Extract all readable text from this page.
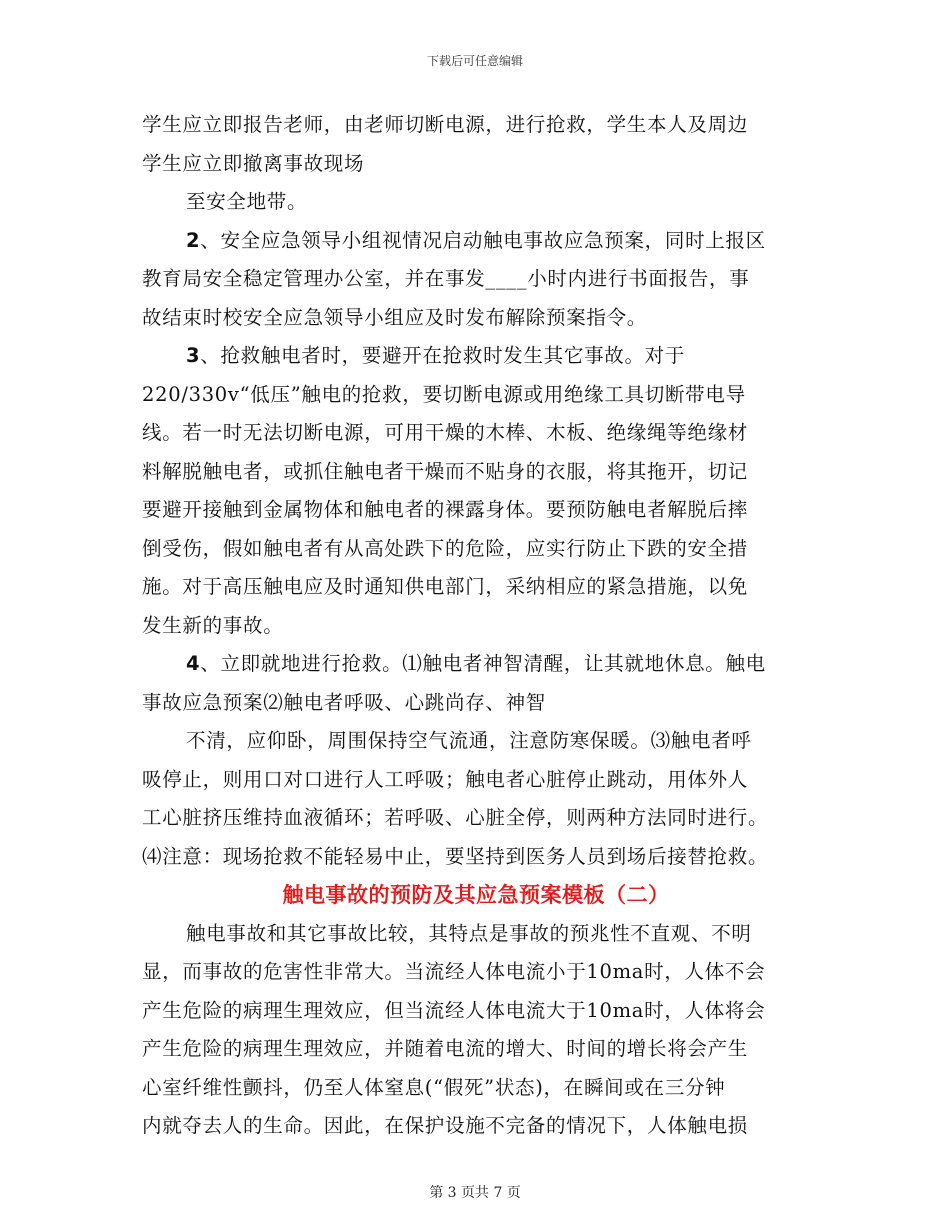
下载后可任意编辑
学生应立即报告老师，由老师切断电源，进行抢救，学生本人及周边
学生应立即撤离事故现场
至安全地带。
2、安全应急领导小组视情况启动触电事故应急预案，同时上报区
教育局安全稳定管理办公室，并在事发____小时内进行书面报告，事
故结束时校安全应急领导小组应及时发布解除预案指令。
3、抢救触电者时，要避开在抢救时发生其它事故。对于
220/330v“低压”触电的抢救，要切断电源或用绝缘工具切断带电导
线。若一时无法切断电源，可用干燥的木棒、木板、绝缘绳等绝缘材
料解脱触电者，或抓住触电者干燥而不贴身的衣服，将其拖开，切记
要避开接触到金属物体和触电者的裸露身体。要预防触电者解脱后摔
倒受伤，假如触电者有从高处跌下的危险，应实行防止下跌的安全措
施。对于高压触电应及时通知供电部门，采纳相应的紧急措施，以免
发生新的事故。
4、立即就地进行抢救。⑴触电者神智清醒，让其就地休息。触电
事故应急预案⑵触电者呼吸、心跳尚存、神智
不清，应仰卧，周围保持空气流通，注意防寒保暖。⑶触电者呼
吸停止，则用口对口进行人工呼吸；触电者心脏停止跳动，用体外人
工心脏挤压维持血液循环；若呼吸、心脏全停，则两种方法同时进行。
⑷注意：现场抢救不能轻易中止，要坚持到医务人员到场后接替抢救。
触电事故的预防及其应急预案模板（二）
触电事故和其它事故比较，其特点是事故的预兆性不直观、不明
显，而事故的危害性非常大。当流经人体电流小于10ma时，人体不会
产生危险的病理生理效应，但当流经人体电流大于10ma时，人体将会
产生危险的病理生理效应，并随着电流的增大、时间的增长将会产生
心室纤维性颤抖，仍至人体窒息(“假死”状态)，在瞬间或在三分钟
内就夺去人的生命。因此，在保护设施不完备的情况下，人体触电损
第 3 页共 7 页
